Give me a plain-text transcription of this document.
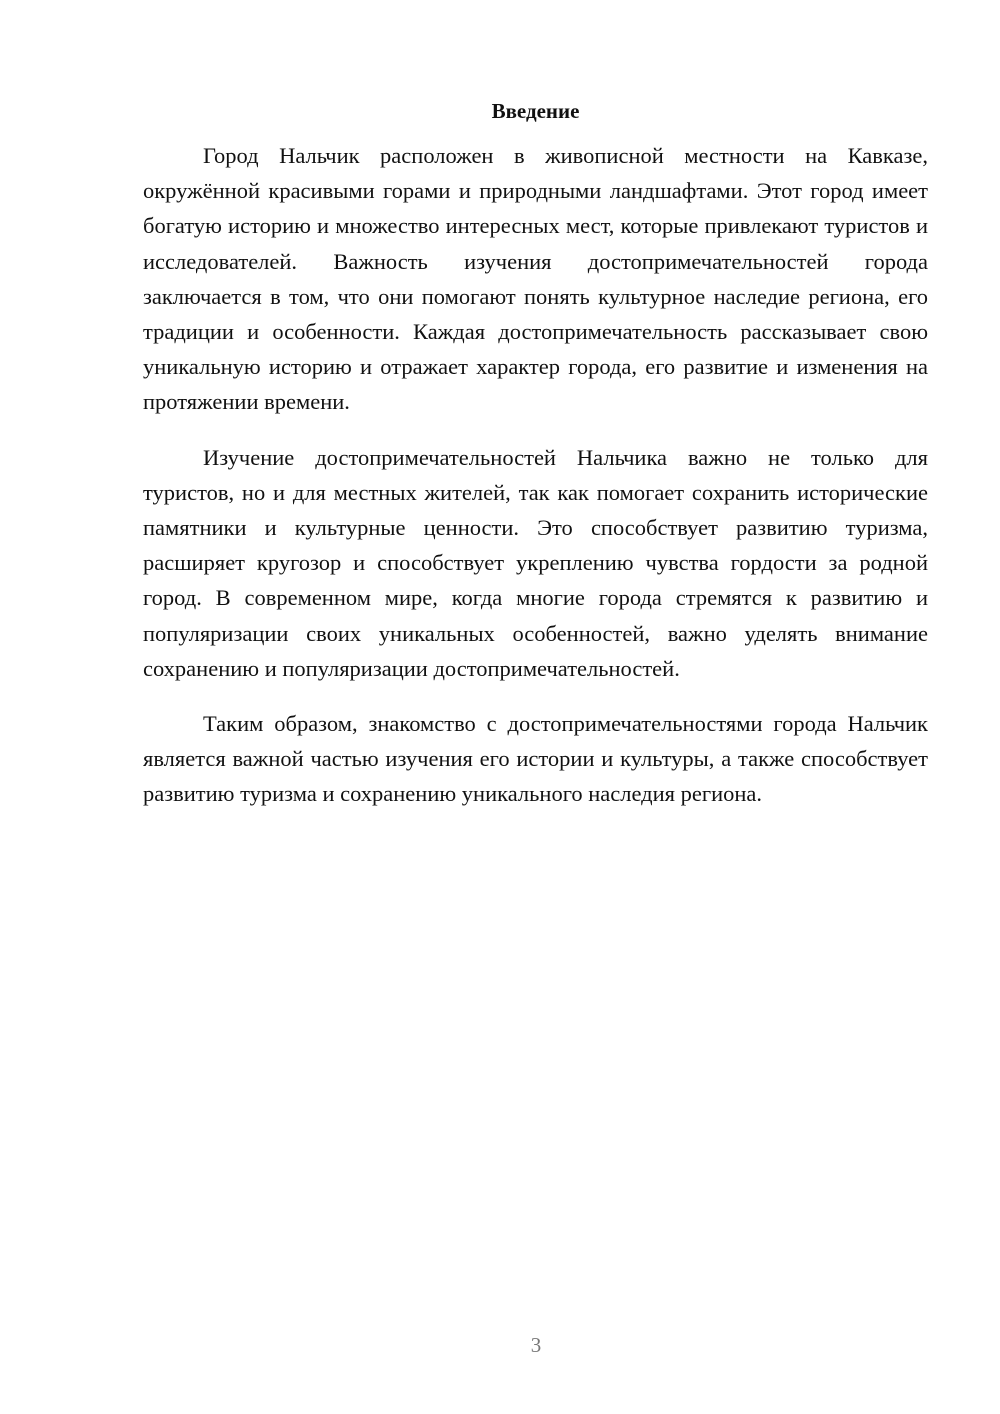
Введение

Город Нальчик расположен в живописной местности на Кавказе, окружённой красивыми горами и природными ландшафтами. Этот город имеет богатую историю и множество интересных мест, которые привлекают туристов и исследователей. Важность изучения достопримечательностей города заключается в том, что они помогают понять культурное наследие региона, его традиции и особенности. Каждая достопримечательность рассказывает свою уникальную историю и отражает характер города, его развитие и изменения на протяжении времени.

Изучение достопримечательностей Нальчика важно не только для туристов, но и для местных жителей, так как помогает сохранить исторические памятники и культурные ценности. Это способствует развитию туризма, расширяет кругозор и способствует укреплению чувства гордости за родной город. В современном мире, когда многие города стремятся к развитию и популяризации своих уникальных особенностей, важно уделять внимание сохранению и популяризации достопримечательностей.

Таким образом, знакомство с достопримечательностями города Нальчик является важной частью изучения его истории и культуры, а также способствует развитию туризма и сохранению уникального наследия региона.

3
